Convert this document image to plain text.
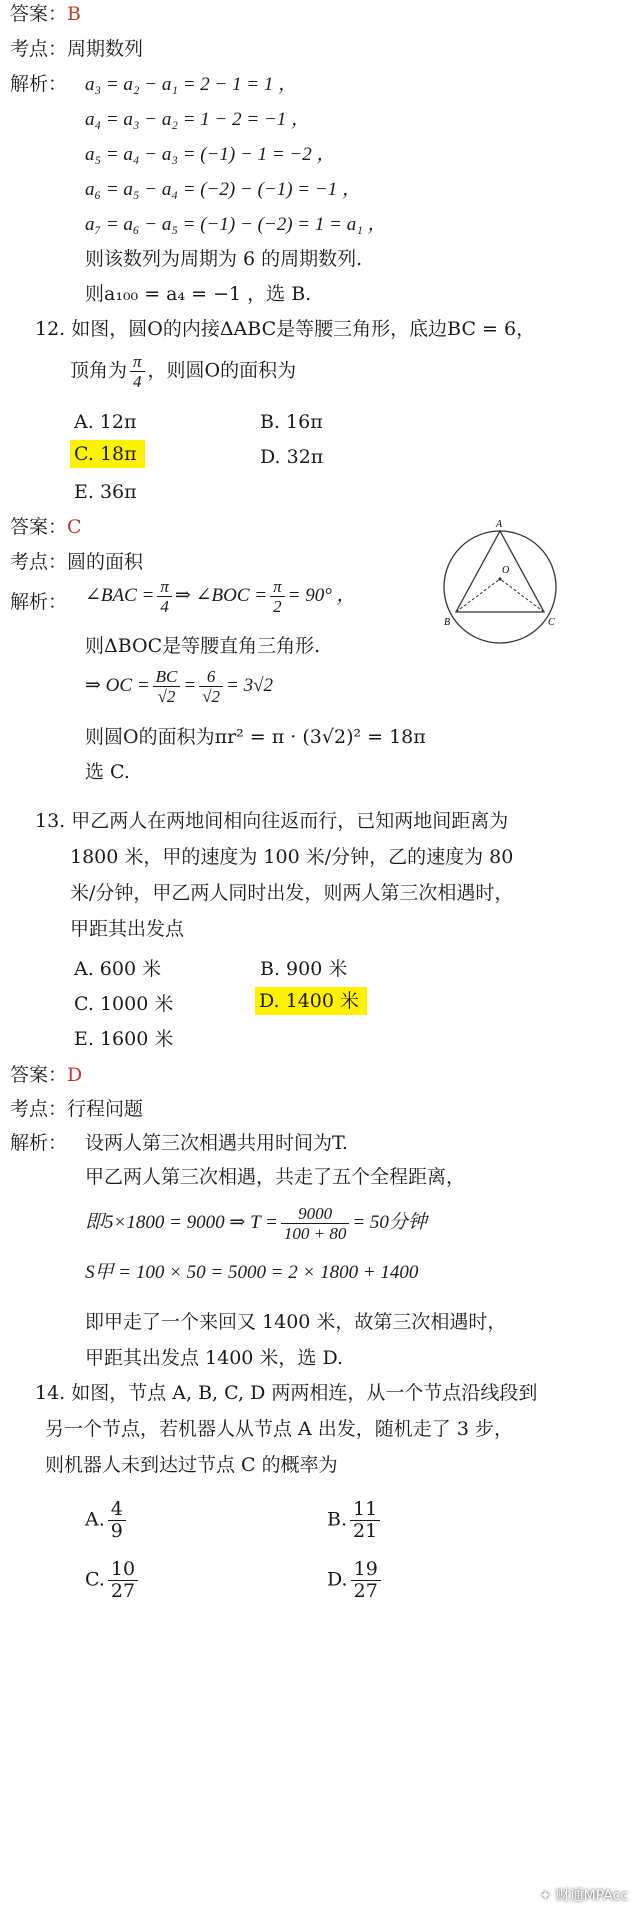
答案：B
考点：周期数列
解析： a₃ = a₂ − a₁ = 2 − 1 = 1 ，
a₄ = a₃ − a₂ = 1 − 2 = −1 ，
a₅ = a₄ − a₃ = (−1) − 1 = −2 ，
a₆ = a₅ − a₄ = (−2) − (−1) = −1 ，
a₇ = a₆ − a₅ = (−1) − (−2) = 1 = a₁ ，
则该数列为周期为 6 的周期数列.
则a₁₀₀ = a₄ = −1 ，选 B.
12. 如图，圆O的内接ΔABC是等腰三角形，底边BC = 6，
顶角为 $\frac{\pi}{4}$ ，则圆O的面积为
A. 12π	B. 16π
C. 18π	D. 32π
E. 36π
答案：C
考点：圆的面积
解析： ∠BAC = $\frac{\pi}{4}$ ⇒ ∠BOC = $\frac{\pi}{2} = 90^\circ$ ，
则ΔBOC是等腰直角三角形.
⇒ OC = $\frac{BC}{√2} = \frac{6}{√2} = 3√2$
则圆O的面积为πr² = π · (3√2)² = 18π
选 C.
A
O
B	C
13. 甲乙两人在两地间相向往返而行，已知两地间距离为
1800 米，甲的速度为 100 米/分钟，乙的速度为 80
米/分钟，甲乙两人同时出发，则两人第三次相遇时，
甲距其出发点
A. 600 米	B. 900 米
C. 1000 米	D. 1400 米
E. 1600 米
答案：D
考点：行程问题
解析： 设两人第三次相遇共用时间为T.
甲乙两人第三次相遇，共走了五个全程距离，
即5×1800 = 9000 ⇒ $T = \frac{9000}{100 + 80} = 50$分钟
S甲 = 100 × 50 = 5000 = 2 × 1800 + 1400
即甲走了一个来回又 1400 米，故第三次相遇时，
甲距其出发点 1400 米，选 D.
14. 如图，节点 A, B, C, D 两两相连，从一个节点沿线段到
另一个节点，若机器人从节点 A 出发，随机走了 3 步，
则机器人未到达过节点 C 的概率为
A. $\frac{4}{9}$	B. $\frac{11}{21}$
C. $\frac{10}{27}$	D. $\frac{19}{27}$
✦ 财通MPAcc
